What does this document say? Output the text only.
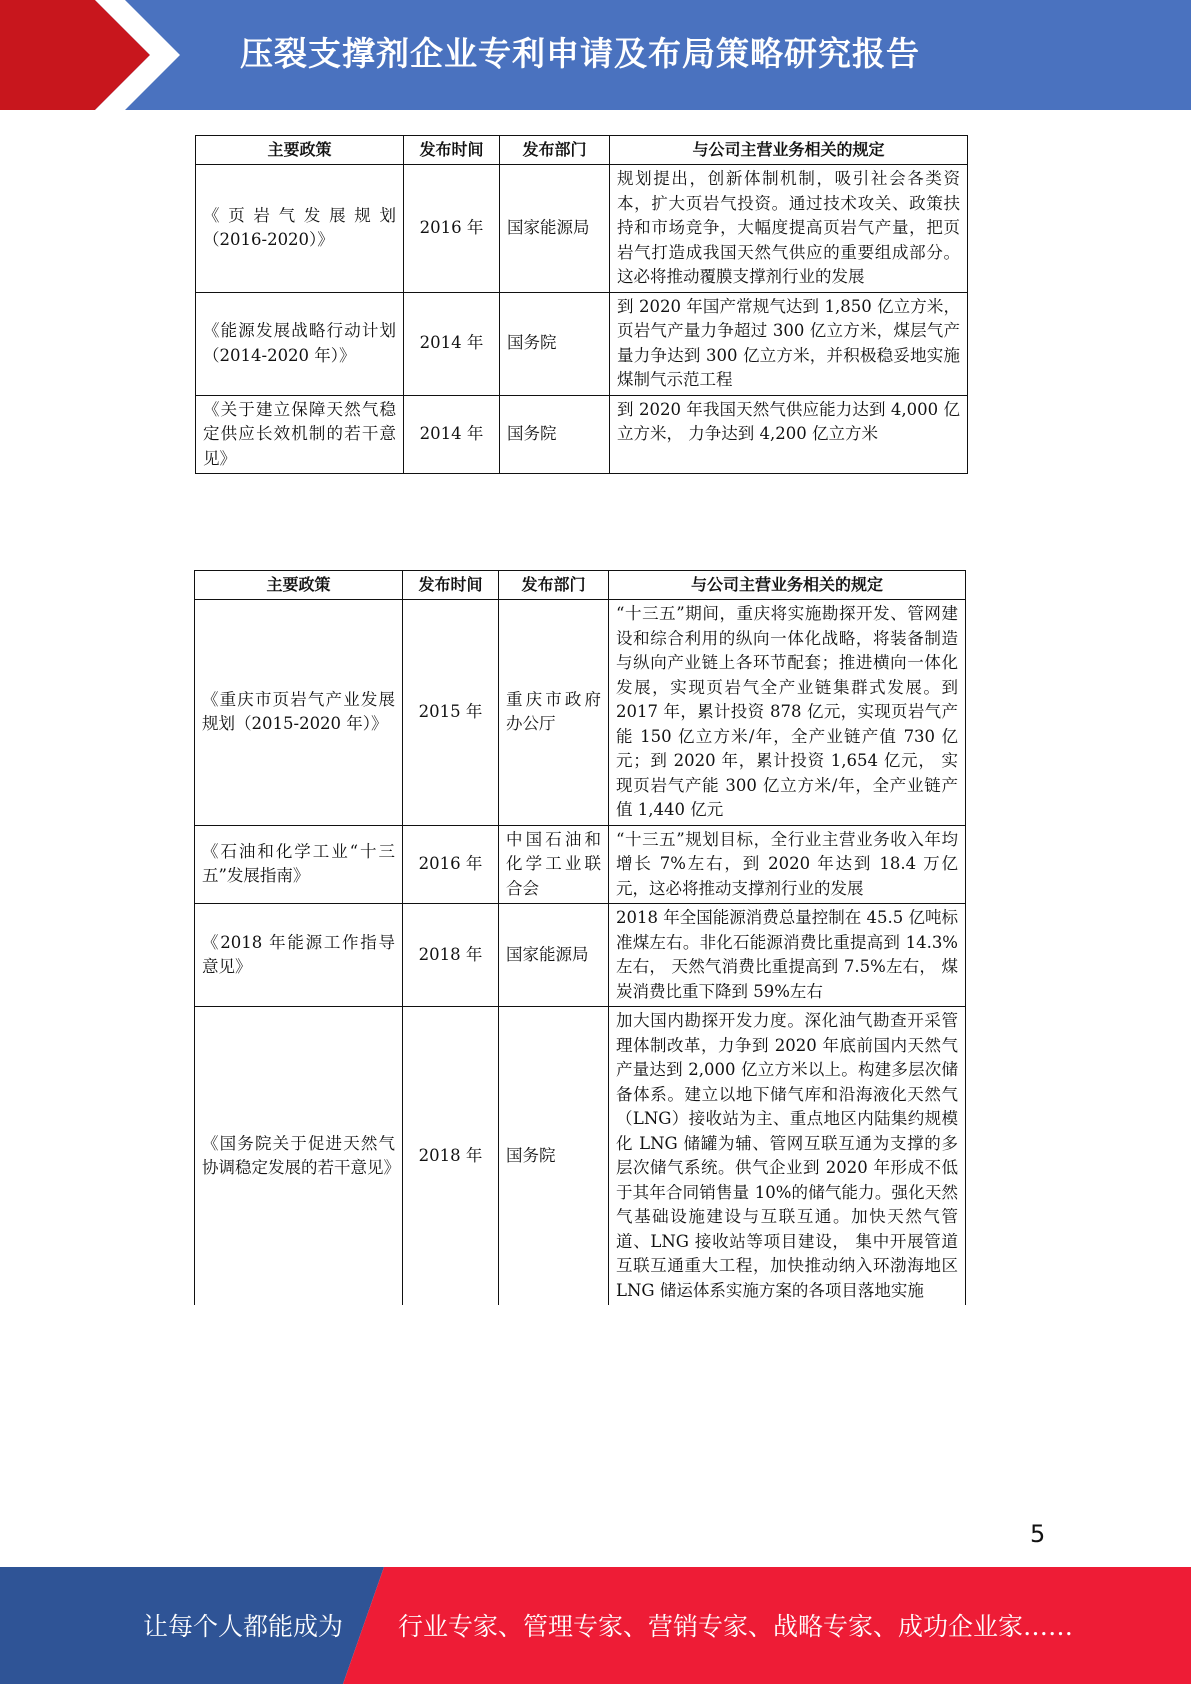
压裂支撑剂企业专利申请及布局策略研究报告
主要政策	发布时间	发布部门	与公司主营业务相关的规定
《页岩气发展规划（2016-2020）》	2016 年	国家能源局	规划提出，创新体制机制，吸引社会各类资本，扩大页岩气投资。通过技术攻关、政策扶持和市场竞争，大幅度提高页岩气产量，把页岩气打造成我国天然气供应的重要组成部分。这必将推动覆膜支撑剂行业的发展
《能源发展战略行动计划（2014-2020 年）》	2014 年	国务院	到 2020 年国产常规气达到 1,850 亿立方米，页岩气产量力争超过 300 亿立方米，煤层气产量力争达到 300 亿立方米，并积极稳妥地实施煤制气示范工程
《关于建立保障天然气稳定供应长效机制的若干意见》	2014 年	国务院	到 2020 年我国天然气供应能力达到 4,000 亿立方米， 力争达到 4,200 亿立方米
主要政策	发布时间	发布部门	与公司主营业务相关的规定
《重庆市页岩气产业发展规划（2015-2020 年）》	2015 年	重庆市政府办公厅	“十三五”期间，重庆将实施勘探开发、管网建设和综合利用的纵向一体化战略，将装备制造与纵向产业链上各环节配套；推进横向一体化发展，实现页岩气全产业链集群式发展。到 2017 年，累计投资 878 亿元，实现页岩气产能 150 亿立方米/年，全产业链产值 730 亿元；到 2020 年，累计投资 1,654 亿元， 实现页岩气产能 300 亿立方米/年，全产业链产值 1,440 亿元
《石油和化学工业“十三五”发展指南》	2016 年	中国石油和化学工业联合会	“十三五”规划目标，全行业主营业务收入年均增长 7%左右，到 2020 年达到 18.4 万亿元，这必将推动支撑剂行业的发展
《2018 年能源工作指导意见》	2018 年	国家能源局	2018 年全国能源消费总量控制在 45.5 亿吨标准煤左右。非化石能源消费比重提高到 14.3%左右， 天然气消费比重提高到 7.5%左右， 煤炭消费比重下降到 59%左右
《国务院关于促进天然气协调稳定发展的若干意见》	2018 年	国务院	加大国内勘探开发力度。深化油气勘查开采管理体制改革，力争到 2020 年底前国内天然气产量达到 2,000 亿立方米以上。构建多层次储备体系。建立以地下储气库和沿海液化天然气（LNG）接收站为主、重点地区内陆集约规模化 LNG 储罐为辅、管网互联互通为支撑的多层次储气系统。供气企业到 2020 年形成不低于其年合同销售量 10%的储气能力。强化天然气基础设施建设与互联互通。加快天然气管道、LNG 接收站等项目建设， 集中开展管道互联互通重大工程，加快推动纳入环渤海地区 LNG 储运体系实施方案的各项目落地实施
5
让每个人都能成为 行业专家、管理专家、营销专家、战略专家、成功企业家……
